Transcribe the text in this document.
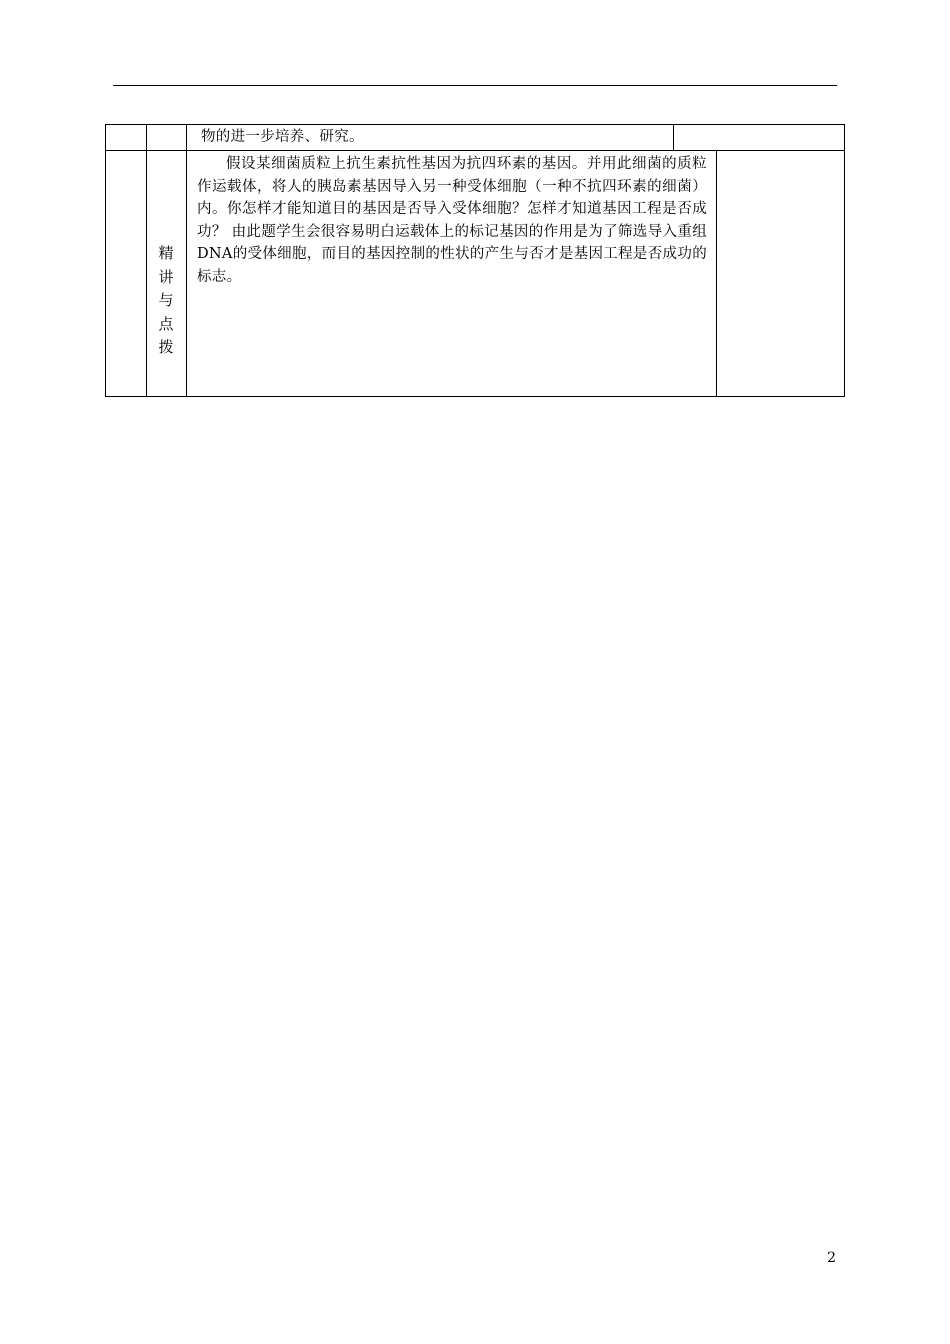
物的进一步培养、研究。
精
讲
与
点
拨
假设某细菌质粒上抗生素抗性基因为抗四环素的基因。并用此细菌的质粒作运载体，将人的胰岛素基因导入另一种受体细胞（一种不抗四环素的细菌）内。你怎样才能知道目的基因是否导入受体细胞？怎样才知道基因工程是否成功？ 由此题学生会很容易明白运载体上的标记基因的作用是为了筛选导入重组DNA的受体细胞，而目的基因控制的性状的产生与否才是基因工程是否成功的标志。
2
